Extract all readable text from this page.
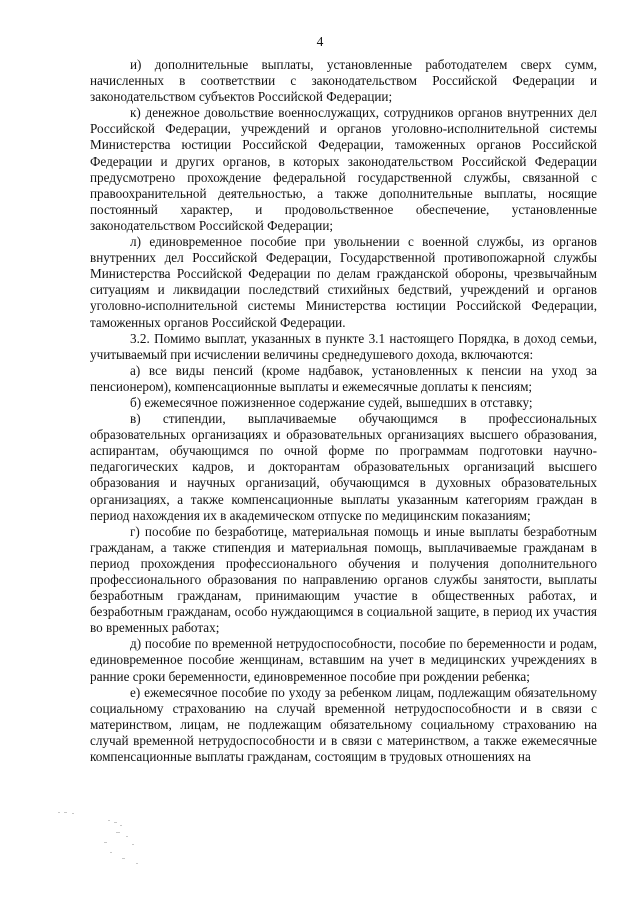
4

и) дополнительные выплаты, установленные работодателем сверх сумм, начисленных в соответствии с законодательством Российской Федерации и законодательством субъектов Российской Федерации;

к) денежное довольствие военнослужащих, сотрудников органов внутренних дел Российской Федерации, учреждений и органов уголовно-исполнительной системы Министерства юстиции Российской Федерации, таможенных органов Российской Федерации и других органов, в которых законодательством Российской Федерации предусмотрено прохождение федеральной государственной службы, связанной с правоохранительной деятельностью, а также дополнительные выплаты, носящие постоянный характер, и продовольственное обеспечение, установленные законодательством Российской Федерации;

л) единовременное пособие при увольнении с военной службы, из органов внутренних дел Российской Федерации, Государственной противопожарной службы Министерства Российской Федерации по делам гражданской обороны, чрезвычайным ситуациям и ликвидации последствий стихийных бедствий, учреждений и органов уголовно-исполнительной системы Министерства юстиции Российской Федерации, таможенных органов Российской Федерации.

3.2. Помимо выплат, указанных в пункте 3.1 настоящего Порядка, в доход семьи, учитываемый при исчислении величины среднедушевого дохода, включаются:

а) все виды пенсий (кроме надбавок, установленных к пенсии на уход за пенсионером), компенсационные выплаты и ежемесячные доплаты к пенсиям;

б) ежемесячное пожизненное содержание судей, вышедших в отставку;

в) стипендии, выплачиваемые обучающимся в профессиональных образовательных организациях и образовательных организациях высшего образования, аспирантам, обучающимся по очной форме по программам подготовки научно-педагогических кадров, и докторантам образовательных организаций высшего образования и научных организаций, обучающимся в духовных образовательных организациях, а также компенсационные выплаты указанным категориям граждан в период нахождения их в академическом отпуске по медицинским показаниям;

г) пособие по безработице, материальная помощь и иные выплаты безработным гражданам, а также стипендия и материальная помощь, выплачиваемые гражданам в период прохождения профессионального обучения и получения дополнительного профессионального образования по направлению органов службы занятости, выплаты безработным гражданам, принимающим участие в общественных работах, и безработным гражданам, особо нуждающимся в социальной защите, в период их участия во временных работах;

д) пособие по временной нетрудоспособности, пособие по беременности и родам, единовременное пособие женщинам, вставшим на учет в медицинских учреждениях в ранние сроки беременности, единовременное пособие при рождении ребенка;

е) ежемесячное пособие по уходу за ребенком лицам, подлежащим обязательному социальному страхованию на случай временной нетрудоспособности и в связи с материнством, лицам, не подлежащим обязательному социальному страхованию на случай временной нетрудоспособности и в связи с материнством, а также ежемесячные компенсационные выплаты гражданам, состоящим в трудовых отношениях на
